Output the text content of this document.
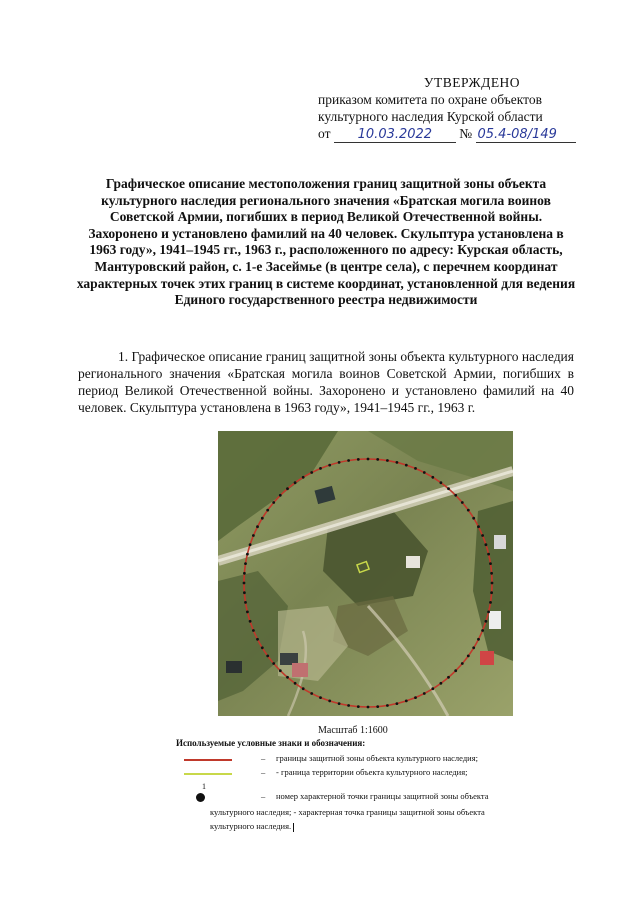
УТВЕРЖДЕНО
приказом комитета по охране объектов
культурного наследия Курской области
от 10.03.2022 № 05.4-08/149
Графическое описание местоположения границ защитной зоны объекта культурного наследия регионального значения «Братская могила воинов Советской Армии, погибших в период Великой Отечественной войны. Захоронено и установлено фамилий на 40 человек. Скульптура установлена в 1963 году», 1941–1945 гг., 1963 г., расположенного по адресу: Курская область, Мантуровский район, с. 1-е Засеймье (в центре села), с перечнем координат характерных точек этих границ в системе координат, установленной для ведения Единого государственного реестра недвижимости
1. Графическое описание границ защитной зоны объекта культурного наследия регионального значения «Братская могила воинов Советской Армии, погибших в период Великой Отечественной войны. Захоронено и установлено фамилий на 40 человек. Скульптура установлена в 1963 году», 1941–1945 гг., 1963 г.
Масштаб 1:1600
Используемые условные знаки и обозначения:
– границы защитной зоны объекта культурного наследия;
– - граница территории объекта культурного наследия;
1
– номер характерной точки границы защитной зоны объекта
культурного наследия; - характерная точка границы защитной зоны объекта
культурного наследия.
